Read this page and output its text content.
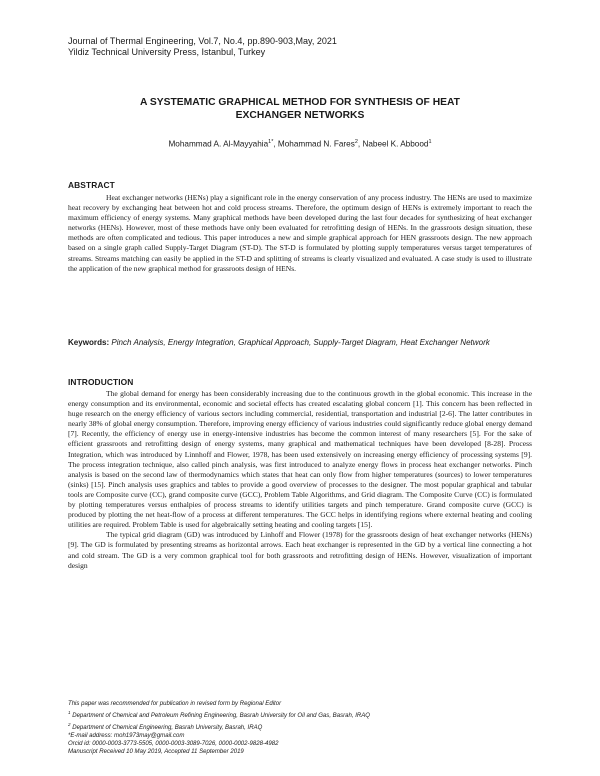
Journal of Thermal Engineering, Vol.7, No.4, pp.890-903,May, 2021
Yildiz Technical University Press, Istanbul, Turkey
A SYSTEMATIC GRAPHICAL METHOD FOR SYNTHESIS OF HEAT
EXCHANGER NETWORKS
Mohammad A. Al-Mayyahia$^{1*}$, Mohammad N. Fares$^2$, Nabeel K. Abbood$^1$
ABSTRACT

Heat exchanger networks (HENs) play a significant role in the energy conservation of any process industry. The HENs are used to maximize heat recovery by exchanging heat between hot and cold process streams. Therefore, the optimum design of HENs is extremely important to reach the maximum efficiency of energy systems. Many graphical methods have been developed during the last four decades for synthesizing of heat exchanger networks (HENs). However, most of these methods have only been evaluated for retrofitting design of HENs. In the grassroots design situation, these methods are often complicated and tedious. This paper introduces a new and simple graphical approach for HEN grassroots design. The new approach based on a single graph called Supply-Target Diagram (ST-D). The ST-D is formulated by plotting supply temperatures versus target temperatures of streams. Streams matching can easily be applied in the ST-D and splitting of streams is clearly visualized and evaluated. A case study is used to illustrate the application of the new graphical method for grassroots design of HENs.

Keywords: Pinch Analysis, Energy Integration, Graphical Approach, Supply-Target Diagram, Heat Exchanger Network
INTRODUCTION

The global demand for energy has been considerably increasing due to the continuous growth in the global economic. This increase in the energy consumption and its environmental, economic and societal effects has created escalating global concern [1]. This concern has been reflected in huge research on the energy efficiency of various sectors including commercial, residential, transportation and industrial [2-6]. The latter contributes in nearly 38% of global energy consumption. Therefore, improving energy efficiency of various industries could significantly reduce global energy demand [7]. Recently, the efficiency of energy use in energy-intensive industries has become the common interest of many researchers [5]. For the sake of efficient grassroots and retrofitting design of energy systems, many graphical and mathematical techniques have been developed [8-28]. Process Integration, which was introduced by Linnhoff and Flower, 1978, has been used extensively on increasing energy efficiency of processing systems [9]. The process integration technique, also called pinch analysis, was first introduced to analyze energy flows in process heat exchanger networks. Pinch analysis is based on the second law of thermodynamics which states that heat can only flow from higher temperatures (sources) to lower temperatures (sinks) [15]. Pinch analysis uses graphics and tables to provide a good overview of processes to the designer. The most popular graphical and tabular tools are Composite curve (CC), grand composite curve (GCC), Problem Table Algorithms, and Grid diagram. The Composite Curve (CC) is formulated by plotting temperatures versus enthalpies of process streams to identify utilities targets and pinch temperature. Grand composite curve (GCC) is produced by plotting the net heat-flow of a process at different temperatures. The GCC helps in identifying regions where external heating and cooling utilities are required. Problem Table is used for algebraically setting heating and cooling targets [15].

The typical grid diagram (GD) was introduced by Linhoff and Flower (1978) for the grassroots design of heat exchanger networks (HENs) [9]. The GD is formulated by presenting streams as horizontal arrows. Each heat exchanger is represented in the GD by a vertical line connecting a hot and cold stream. The GD is a very common graphical tool for both grassroots and retrofitting design of HENs. However, visualization of important design

This paper was recommended for publication in revised form by Regional Editor
$^1$ Department of Chemical and Petroleum Refining Engineering, Basrah University for Oil and Gas, Basrah, IRAQ
$^2$ Department of Chemical Engineering, Basrah University, Basrah, IRAQ
*E-mail address: moh1973may@gmail.com
Orcid id: 0000-0003-3773-5505, 0000-0003-3089-7026, 0000-0002-9828-4982
Manuscript Received 10 May 2019, Accepted 11 September 2019
